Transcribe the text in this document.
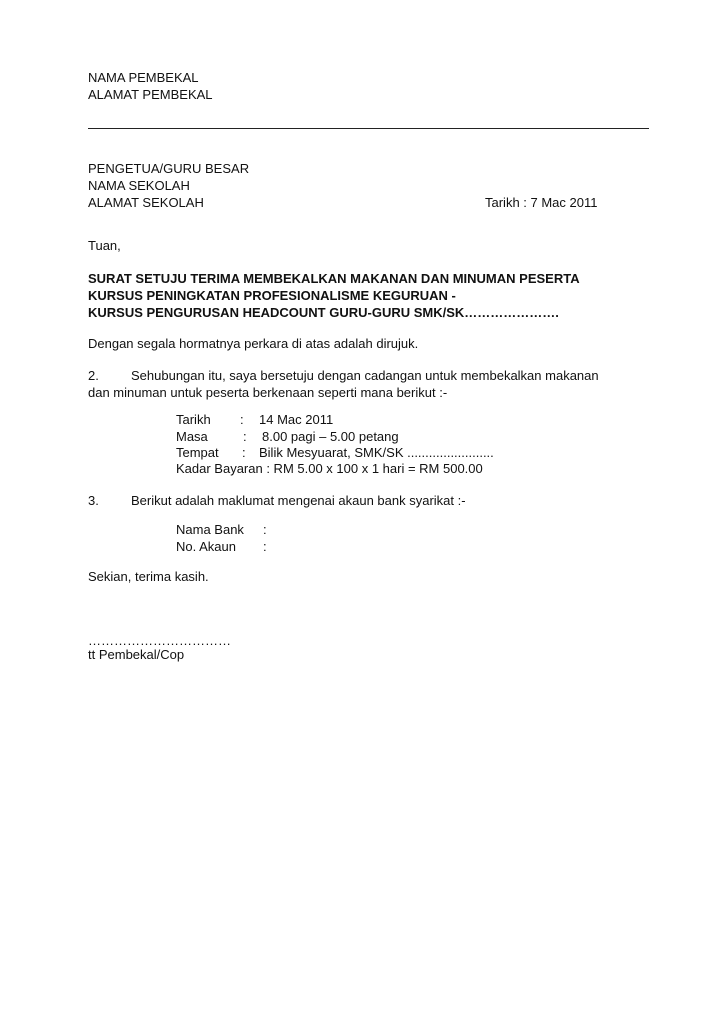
NAMA PEMBEKAL
ALAMAT PEMBEKAL
PENGETUA/GURU BESAR
NAMA SEKOLAH
ALAMAT SEKOLAH	Tarikh : 7 Mac 2011
Tuan,
SURAT SETUJU TERIMA MEMBEKALKAN MAKANAN DAN MINUMAN PESERTA
KURSUS PENINGKATAN PROFESIONALISME KEGURUAN -
KURSUS PENGURUSAN HEADCOUNT GURU-GURU SMK/SK………………….
Dengan segala hormatnya perkara di atas adalah dirujuk.
2. Sehubungan itu, saya bersetuju dengan cadangan untuk membekalkan makanan
dan minuman untuk peserta berkenaan seperti mana berikut :-
Tarikh : 14 Mac 2011
Masa	: 8.00 pagi – 5.00 petang
Tempat : Bilik Mesyuarat, SMK/SK ........................
Kadar Bayaran : RM 5.00 x 100 x 1 hari = RM 500.00
3. Berikut adalah maklumat mengenai akaun bank syarikat :-
Nama Bank :
No. Akaun :
Sekian, terima kasih.
……………………………
tt Pembekal/Cop
